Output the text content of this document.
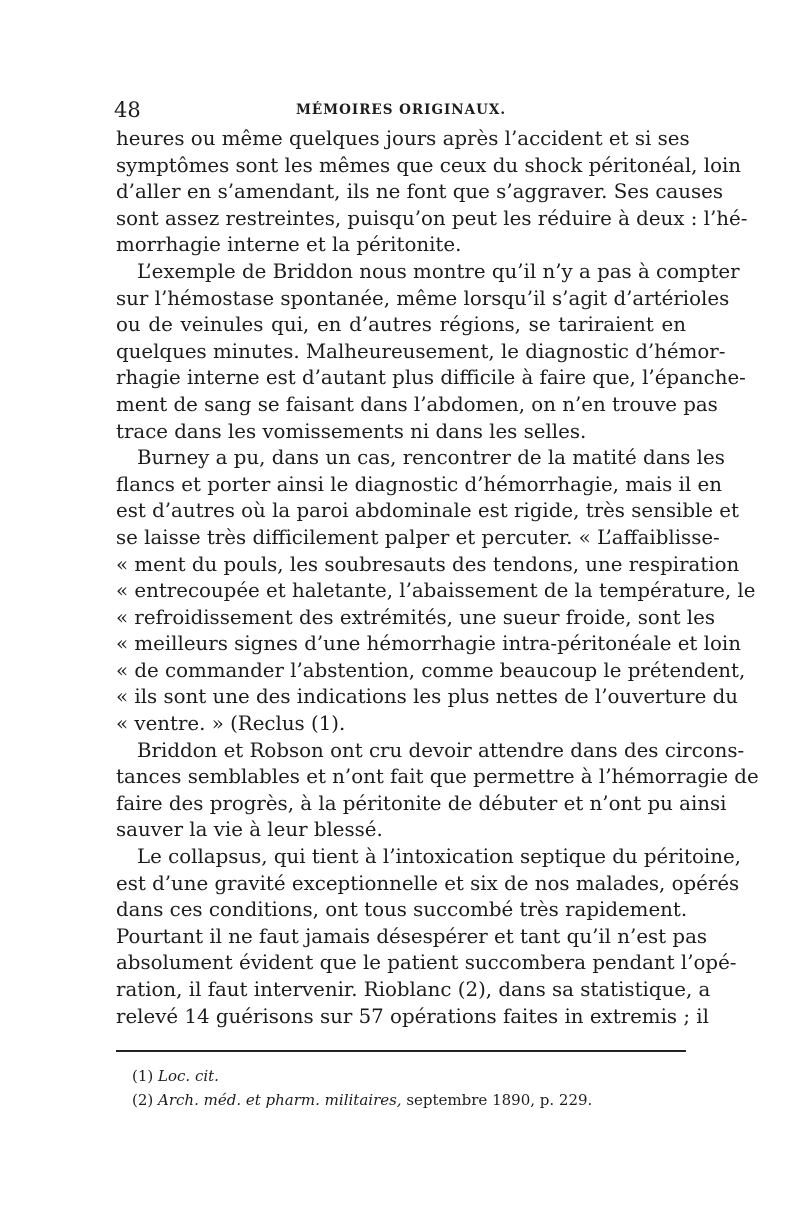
48	MÉMOIRES ORIGINAUX.

heures ou même quelques jours après l’accident et si ses
symptômes sont les mêmes que ceux du shock péritonéal, loin
d’aller en s’amendant, ils ne font que s’aggraver. Ses causes
sont assez restreintes, puisqu’on peut les réduire à deux : l’hé-
morrhagie interne et la péritonite.

L’exemple de Briddon nous montre qu’il n’y a pas à compter
sur l’hémostase spontanée, même lorsqu’il s’agit d’artérioles
ou de veinules qui, en d’autres régions, se tariraient en
quelques minutes. Malheureusement, le diagnostic d’hémor-
rhagie interne est d’autant plus difficile à faire que, l’épanche-
ment de sang se faisant dans l’abdomen, on n’en trouve pas
trace dans les vomissements ni dans les selles.

Burney a pu, dans un cas, rencontrer de la matité dans les
flancs et porter ainsi le diagnostic d’hémorrhagie, mais il en
est d’autres où la paroi abdominale est rigide, très sensible et
se laisse très difficilement palper et percuter. « L’affaiblisse-
« ment du pouls, les soubresauts des tendons, une respiration
« entrecoupée et haletante, l’abaissement de la température, le
« refroidissement des extrémités, une sueur froide, sont les
« meilleurs signes d’une hémorrhagie intra-péritonéale et loin
« de commander l’abstention, comme beaucoup le prétendent,
« ils sont une des indications les plus nettes de l’ouverture du
« ventre. » (Reclus (1).

Briddon et Robson ont cru devoir attendre dans des circons-
tances semblables et n’ont fait que permettre à l’hémorragie de
faire des progrès, à la péritonite de débuter et n’ont pu ainsi
sauver la vie à leur blessé.

Le collapsus, qui tient à l’intoxication septique du péritoine,
est d’une gravité exceptionnelle et six de nos malades, opérés
dans ces conditions, ont tous succombé très rapidement.
Pourtant il ne faut jamais désespérer et tant qu’il n’est pas
absolument évident que le patient succombera pendant l’opé-
ration, il faut intervenir. Rioblanc (2), dans sa statistique, a
relevé 14 guérisons sur 57 opérations faites in extremis ; il

(1) Loc. cit.
(2) Arch. méd. et pharm. militaires, septembre 1890, p. 229.
